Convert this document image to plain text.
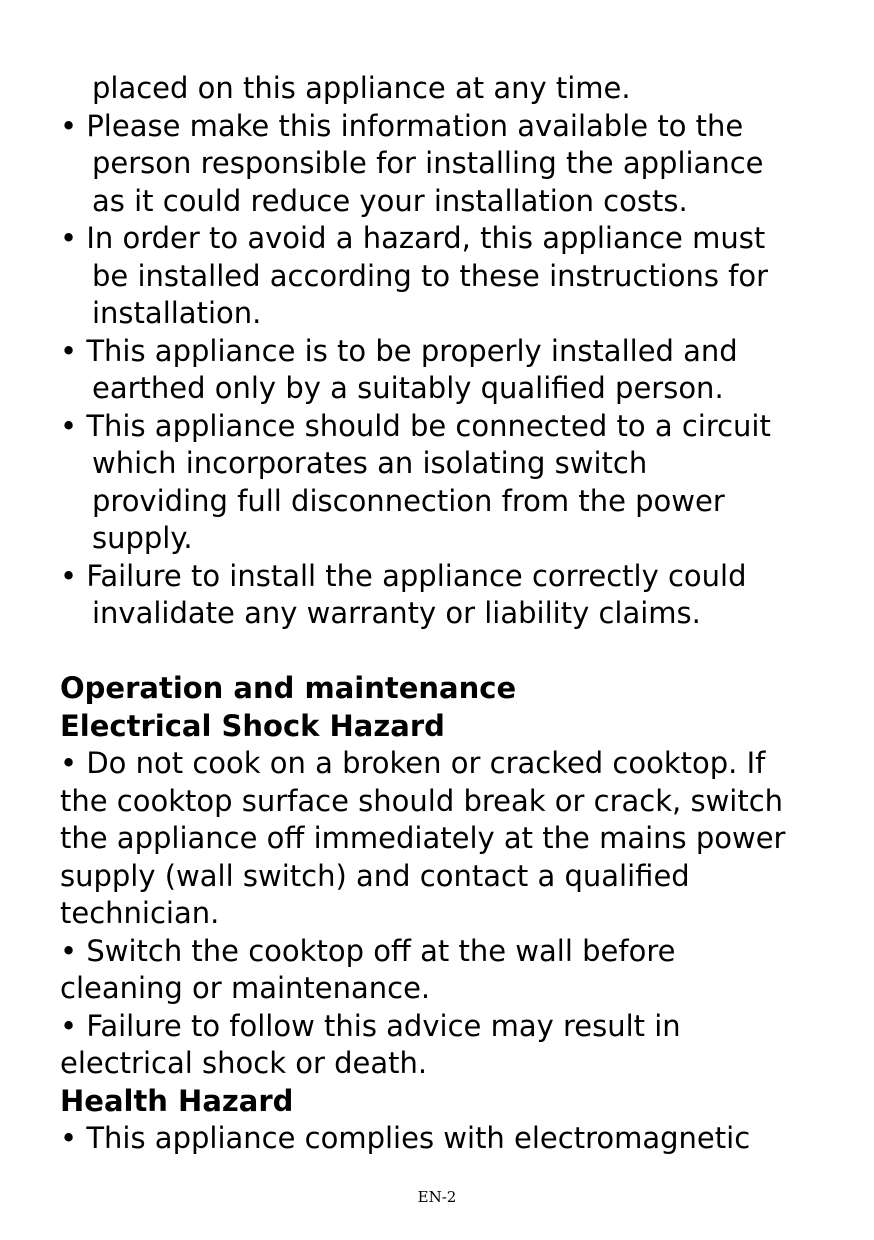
placed on this appliance at any time.
• Please make this information available to the
person responsible for installing the appliance
as it could reduce your installation costs.
• In order to avoid a hazard, this appliance must
be installed according to these instructions for
installation.
• This appliance is to be properly installed and
earthed only by a suitably qualified person.
• This appliance should be connected to a circuit
which incorporates an isolating switch
providing full disconnection from the power
supply.
• Failure to install the appliance correctly could
invalidate any warranty or liability claims.
Operation and maintenance
Electrical Shock Hazard
• Do not cook on a broken or cracked cooktop. If
the cooktop surface should break or crack, switch
the appliance off immediately at the mains power
supply (wall switch) and contact a qualified
technician.
• Switch the cooktop off at the wall before
cleaning or maintenance.
• Failure to follow this advice may result in
electrical shock or death.
Health Hazard
• This appliance complies with electromagnetic
EN-2
